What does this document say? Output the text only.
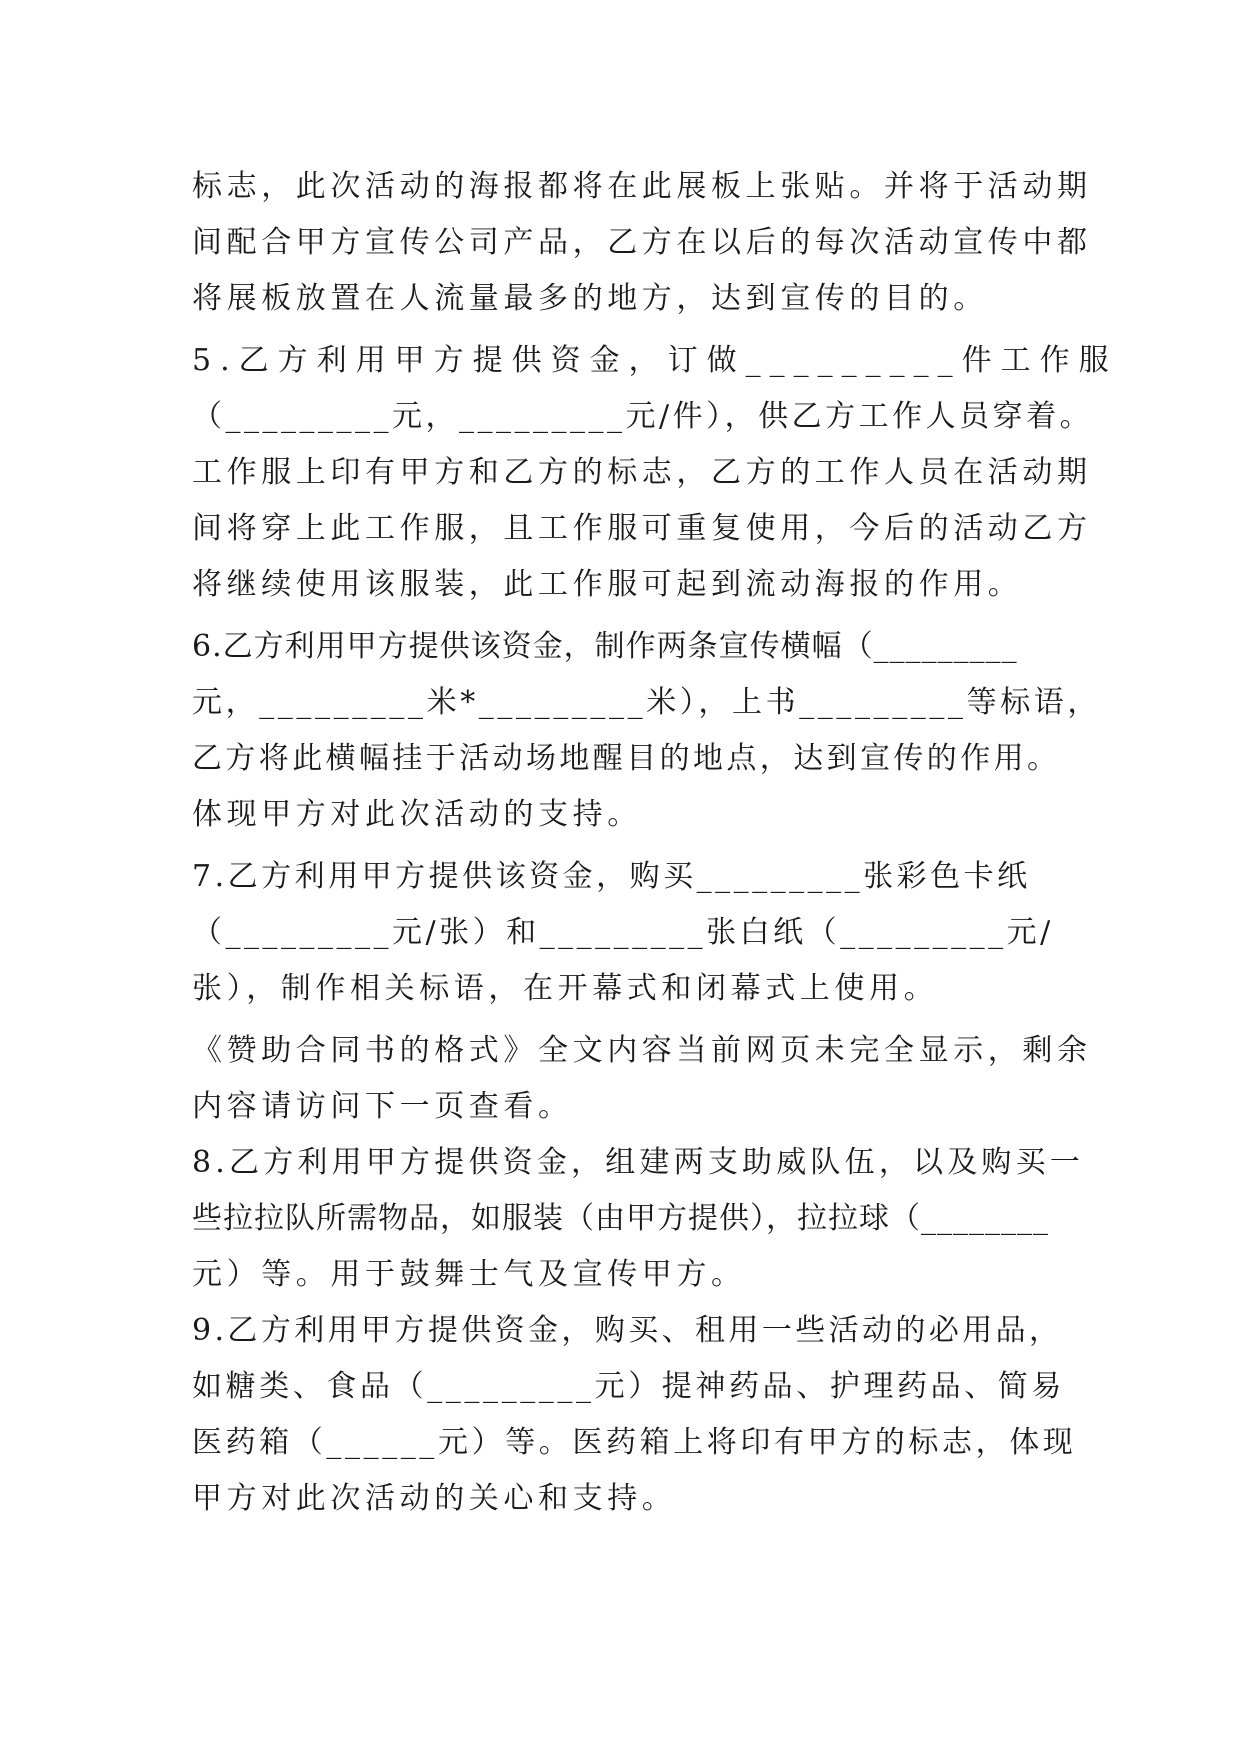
标志，此次活动的海报都将在此展板上张贴。并将于活动期
间配合甲方宣传公司产品，乙方在以后的每次活动宣传中都
将展板放置在人流量最多的地方，达到宣传的目的。
5.乙方利用甲方提供资金，订做_________件工作服
（_________元，_________元/件），供乙方工作人员穿着。
工作服上印有甲方和乙方的标志，乙方的工作人员在活动期
间将穿上此工作服，且工作服可重复使用，今后的活动乙方
将继续使用该服装，此工作服可起到流动海报的作用。
6.乙方利用甲方提供该资金，制作两条宣传横幅（_________
元，_________米*_________米），上书_________等标语，
乙方将此横幅挂于活动场地醒目的地点，达到宣传的作用。
体现甲方对此次活动的支持。
7.乙方利用甲方提供该资金，购买_________张彩色卡纸
（_________元/张）和_________张白纸（_________元/
张），制作相关标语，在开幕式和闭幕式上使用。
《赞助合同书的格式》全文内容当前网页未完全显示，剩余
内容请访问下一页查看。
8.乙方利用甲方提供资金，组建两支助威队伍，以及购买一
些拉拉队所需物品，如服装（由甲方提供），拉拉球（________
元）等。用于鼓舞士气及宣传甲方。
9.乙方利用甲方提供资金，购买、租用一些活动的必用品，
如糖类、食品（_________元）提神药品、护理药品、简易
医药箱（______元）等。医药箱上将印有甲方的标志，体现
甲方对此次活动的关心和支持。
